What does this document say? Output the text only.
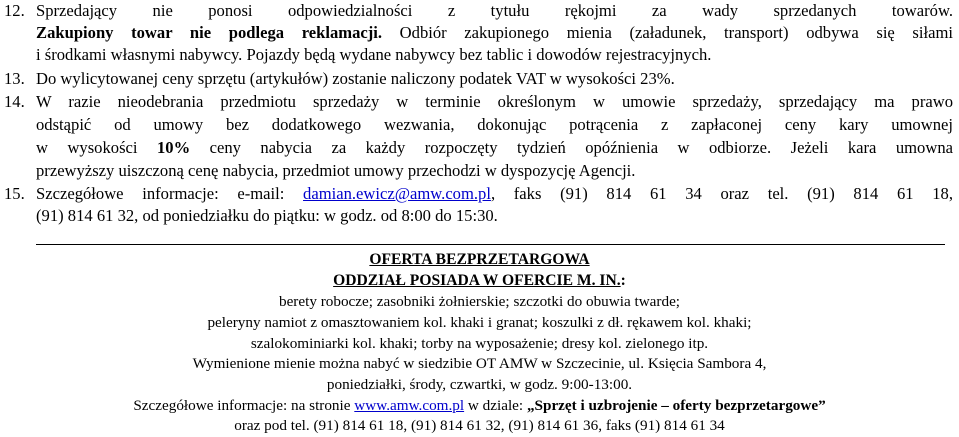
12. Sprzedający nie ponosi odpowiedzialności z tytułu rękojmi za wady sprzedanych towarów.
Zakupiony towar nie podlega reklamacji. Odbiór zakupionego mienia (załadunek, transport) odbywa się siłami
i środkami własnymi nabywcy. Pojazdy będą wydane nabywcy bez tablic i dowodów rejestracyjnych.
13. Do wylicytowanej ceny sprzętu (artykułów) zostanie naliczony podatek VAT w wysokości 23%.
14. W razie nieodebrania przedmiotu sprzedaży w terminie określonym w umowie sprzedaży, sprzedający ma prawo
odstąpić od umowy bez dodatkowego wezwania, dokonując potrącenia z zapłaconej ceny kary umownej
w wysokości 10% ceny nabycia za każdy rozpoczęty tydzień opóźnienia w odbiorze. Jeżeli kara umowna
przewyższy uiszczoną cenę nabycia, przedmiot umowy przechodzi w dyspozycję Agencji.
15. Szczegółowe informacje: e-mail: damian.ewicz@amw.com.pl, faks (91) 814 61 34 oraz tel. (91) 814 61 18,
(91) 814 61 32, od poniedziałku do piątku: w godz. od 8:00 do 15:30.
OFERTA BEZPRZETARGOWA
ODDZIAŁ POSIADA W OFERCIE M. IN.:
berety robocze; zasobniki żołnierskie; szczotki do obuwia twarde;
peleryny namiot z omasztowaniem kol. khaki i granat; koszulki z dł. rękawem kol. khaki;
szalokominiarki kol. khaki; torby na wyposażenie; dresy kol. zielonego itp.
Wymienione mienie można nabyć w siedzibie OT AMW w Szczecinie, ul. Księcia Sambora 4,
poniedziałki, środy, czwartki, w godz. 9:00-13:00.
Szczegółowe informacje: na stronie www.amw.com.pl w dziale: „Sprzęt i uzbrojenie – oferty bezprzetargowe”
oraz pod tel. (91) 814 61 18, (91) 814 61 32, (91) 814 61 36, faks (91) 814 61 34
